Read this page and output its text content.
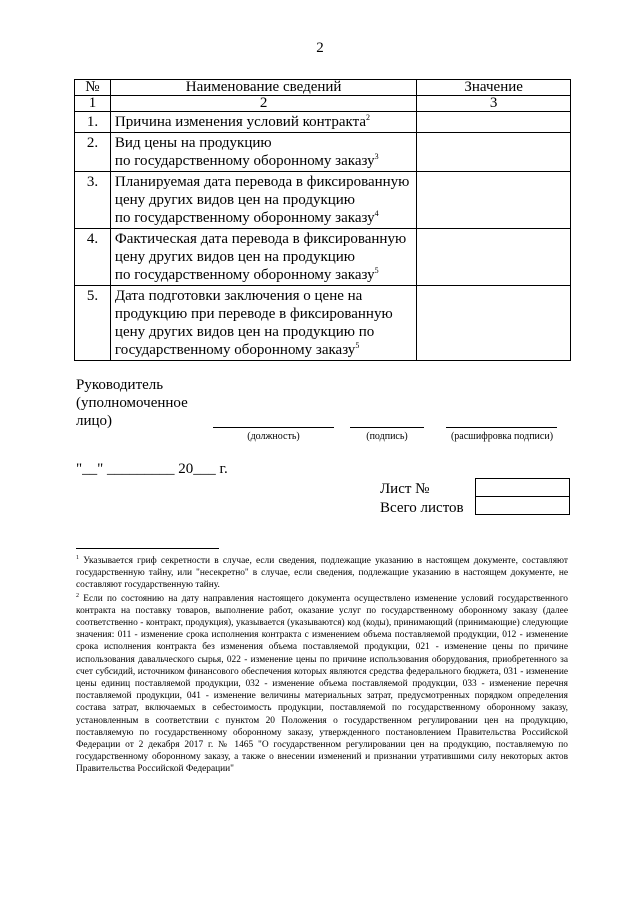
2
№	Наименование сведений	Значение
1	2	3
1.	Причина изменения условий контракта$^2$

2.	Вид цены на продукцию
по государственному оборонному заказу$^3$

3.	Планируемая дата перевода в фиксированную
цену других видов цен на продукцию
по государственному оборонному заказу$^4$

4.	Фактическая дата перевода в фиксированную
цену других видов цен на продукцию
по государственному оборонному заказу$^5$

5.	Дата подготовки заключения о цене на
продукцию при переводе в фиксированную
цену других видов цен на продукцию по
государственному оборонному заказу$^5$

Руководитель
(уполномоченное
лицо)
(должность)	(подпись)	(расшифровка подписи)
"__" _________ 20___ г.
Лист №
Всего листов

$^1$ Указывается гриф секретности в случае, если сведения, подлежащие указанию в настоящем документе, составляют государственную тайну, или "несекретно" в случае, если сведения, подлежащие указанию в настоящем документе, не составляют государственную тайну.

$^2$ Если по состоянию на дату направления настоящего документа осуществлено изменение условий государственного контракта на поставку товаров, выполнение работ, оказание услуг по государственному оборонному заказу (далее соответственно - контракт, продукция), указывается (указываются) код (коды), принимающий (принимающие) следующие значения: 011 - изменение срока исполнения контракта с изменением объема поставляемой продукции, 012 - изменение срока исполнения контракта без изменения объема поставляемой продукции, 021 - изменение цены по причине использования давальческого сырья, 022 - изменение цены по причине использования оборудования, приобретенного за счет субсидий, источником финансового обеспечения которых являются средства федерального бюджета, 031 - изменение цены единиц поставляемой продукции, 032 - изменение объема поставляемой продукции, 033 - изменение перечня поставляемой продукции, 041 - изменение величины материальных затрат, предусмотренных порядком определения состава затрат, включаемых в себестоимость продукции, поставляемой по государственному оборонному заказу, установленным в соответствии с пунктом 20 Положения о государственном регулировании цен на продукцию, поставляемую по государственному оборонному заказу, утвержденного постановлением Правительства Российской Федерации от 2 декабря 2017 г. № 1465 "О государственном регулировании цен на продукцию, поставляемую по государственному оборонному заказу, а также о внесении изменений и признании утратившими силу некоторых актов Правительства Российской Федерации"
